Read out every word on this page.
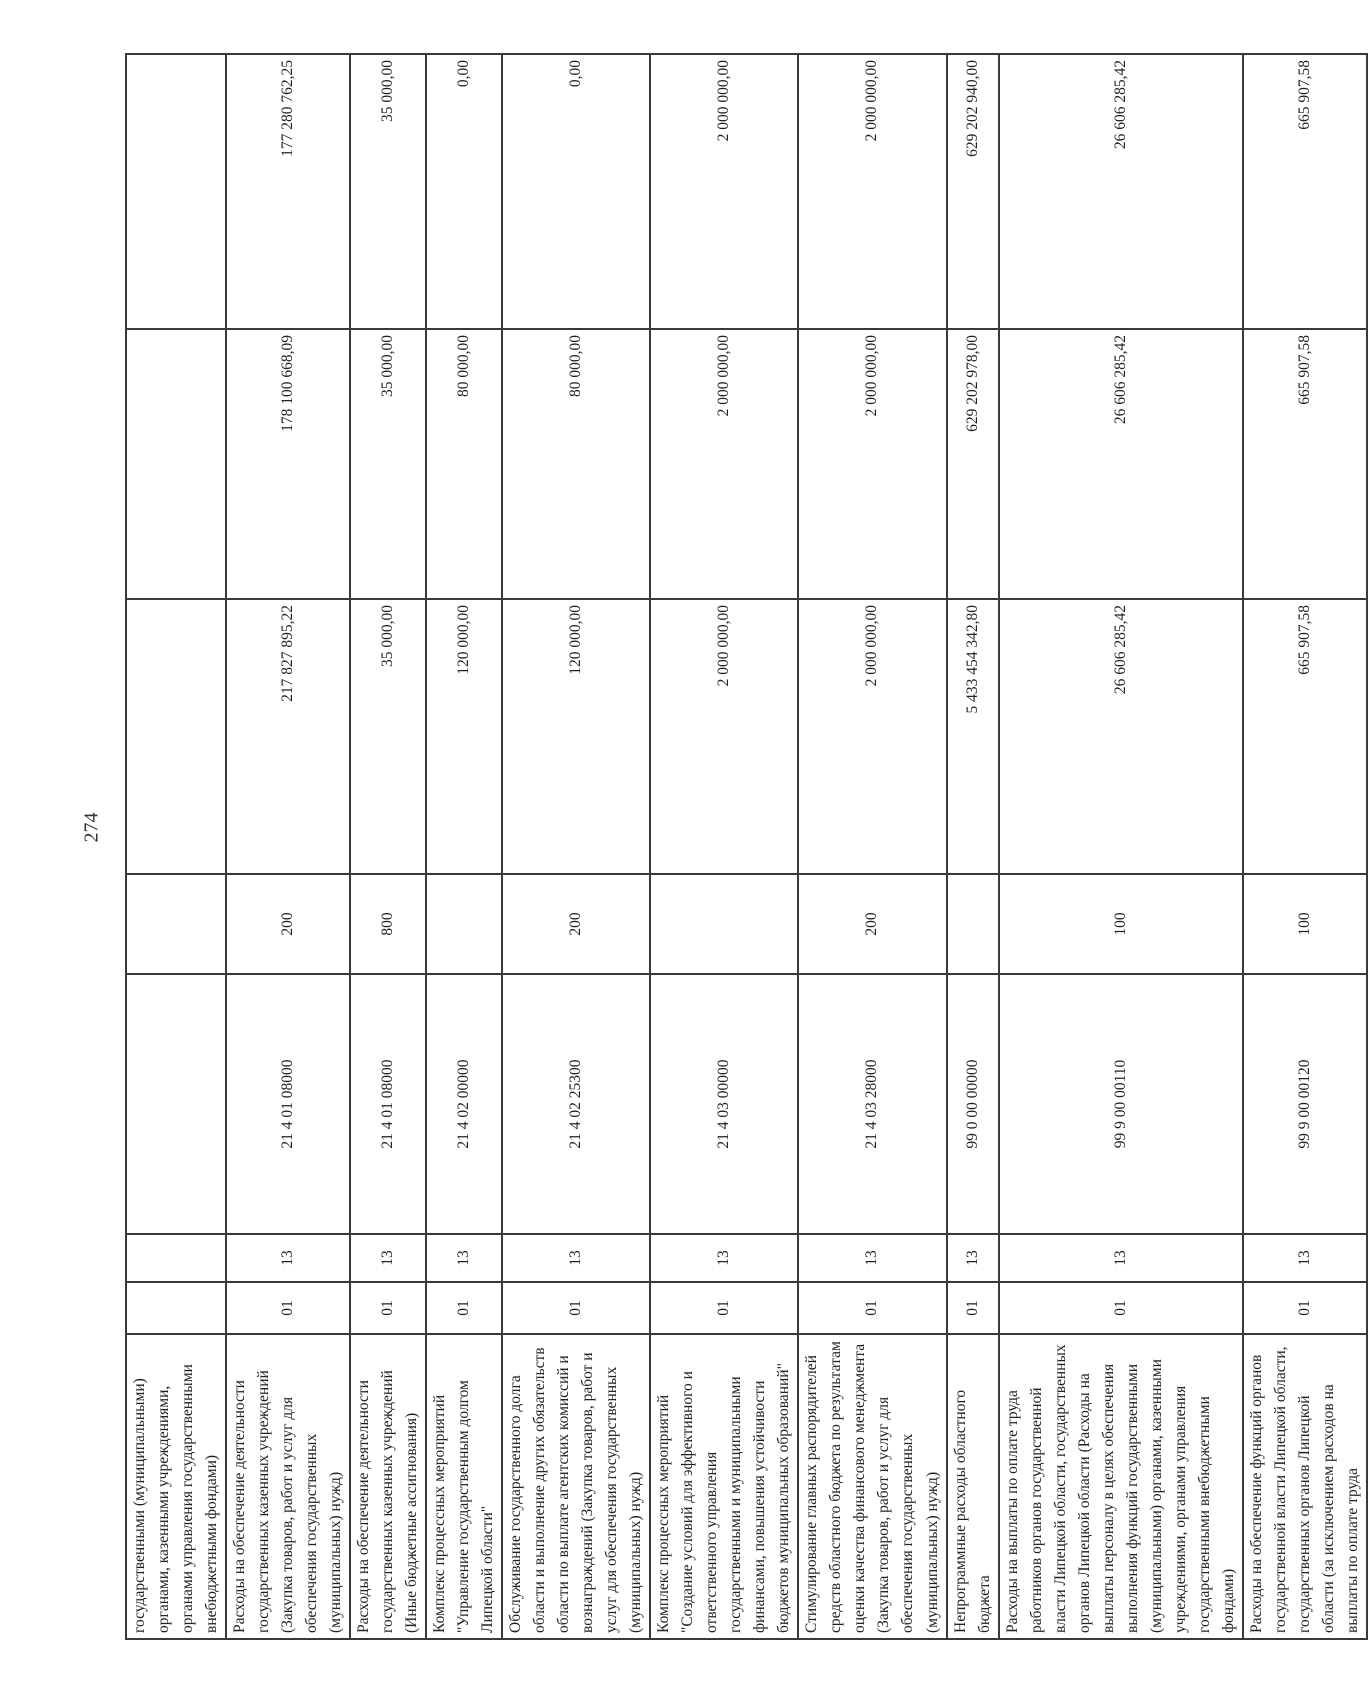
274
государственными (муниципальными) органами, казенными учреждениями, органами управления государственными внебюджетными фондами)							
Расходы на обеспечение деятельности государственных казенных учреждений (Закупка товаров, работ и услуг для обеспечения государственных (муниципальных) нужд)	01	13	21 4 01 08000	200	217 827 895,22	178 100 668,09	177 280 762,25
Расходы на обеспечение деятельности государственных казенных учреждений (Иные бюджетные ассигнования)	01	13	21 4 01 08000	800	35 000,00	35 000,00	35 000,00
Комплекс процессных мероприятий "Управление государственным долгом Липецкой области"	01	13	21 4 02 00000		120 000,00	80 000,00	0,00
Обслуживание государственного долга области и выполнение других обязательств области по выплате агентских комиссий и вознаграждений (Закупка товаров, работ и услуг для обеспечения государственных (муниципальных) нужд)	01	13	21 4 02 25300	200	120 000,00	80 000,00	0,00
Комплекс процессных мероприятий "Создание условий для эффективного и ответственного управления государственными и муниципальными финансами, повышения устойчивости бюджетов муниципальных образований"	01	13	21 4 03 00000		2 000 000,00	2 000 000,00	2 000 000,00
Стимулирование главных распорядителей средств областного бюджета по результатам оценки качества финансового менеджмента (Закупка товаров, работ и услуг для обеспечения государственных (муниципальных) нужд)	01	13	21 4 03 28000	200	2 000 000,00	2 000 000,00	2 000 000,00
Непрограммные расходы областного бюджета	01	13	99 0 00 00000		5 433 454 342,80	629 202 978,00	629 202 940,00
Расходы на выплаты по оплате труда работников органов государственной власти Липецкой области, государственных органов Липецкой области (Расходы на выплаты персоналу в целях обеспечения выполнения функций государственными (муниципальными) органами, казенными учреждениями, органами управления государственными внебюджетными фондами)	01	13	99 9 00 00110	100	26 606 285,42	26 606 285,42	26 606 285,42
Расходы на обеспечение функций органов государственной власти Липецкой области, государственных органов Липецкой области (за исключением расходов на выплаты по оплате труда	01	13	99 9 00 00120	100	665 907,58	665 907,58	665 907,58
